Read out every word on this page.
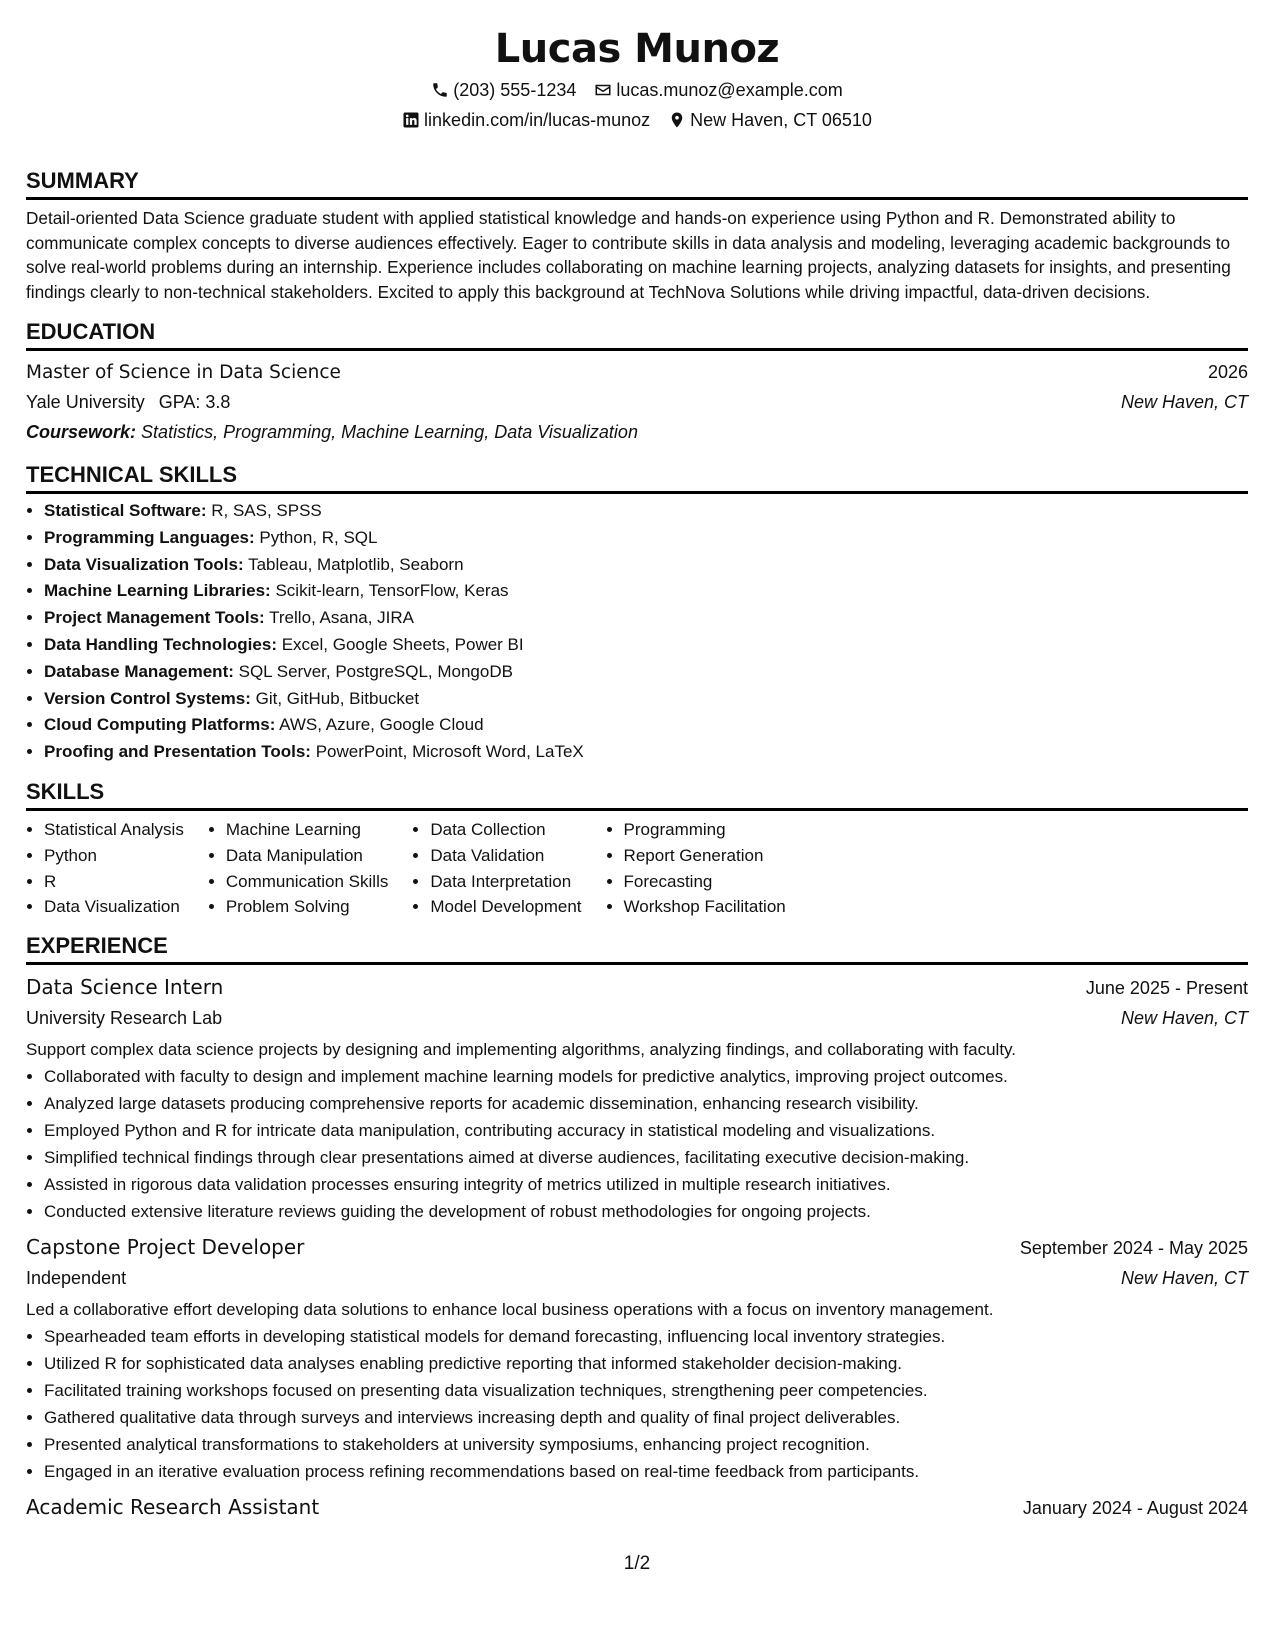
Lucas Munoz
(203) 555-1234 lucas.munoz@example.com
linkedin.com/in/lucas-munoz New Haven, CT 06510
SUMMARY

Detail-oriented Data Science graduate student with applied statistical knowledge and hands-on experience using Python and R. Demonstrated ability to communicate complex concepts to diverse audiences effectively. Eager to contribute skills in data analysis and modeling, leveraging academic backgrounds to solve real-world problems during an internship. Experience includes collaborating on machine learning projects, analyzing datasets for insights, and presenting findings clearly to non-technical stakeholders. Excited to apply this background at TechNova Solutions while driving impactful, data-driven decisions.

EDUCATION
Master of Science in Data Science	2026
Yale University GPA: 3.8	New Haven, CT
Coursework: Statistics, Programming, Machine Learning, Data Visualization
TECHNICAL SKILLS
• Statistical Software: R, SAS, SPSS
• Programming Languages: Python, R, SQL
• Data Visualization Tools: Tableau, Matplotlib, Seaborn
• Machine Learning Libraries: Scikit-learn, TensorFlow, Keras
• Project Management Tools: Trello, Asana, JIRA
• Data Handling Technologies: Excel, Google Sheets, Power BI
• Database Management: SQL Server, PostgreSQL, MongoDB
• Version Control Systems: Git, GitHub, Bitbucket
• Cloud Computing Platforms: AWS, Azure, Google Cloud
• Proofing and Presentation Tools: PowerPoint, Microsoft Word, LaTeX
SKILLS
• Statistical Analysis
• Python
• R
• Data Visualization
• Machine Learning
• Data Manipulation
• Communication Skills
• Problem Solving
• Data Collection
• Data Validation
• Data Interpretation
• Model Development
• Programming
• Report Generation
• Forecasting
• Workshop Facilitation
EXPERIENCE
Data Science Intern	June 2025 - Present
University Research Lab	New Haven, CT
Support complex data science projects by designing and implementing algorithms, analyzing findings, and collaborating with faculty.
• Collaborated with faculty to design and implement machine learning models for predictive analytics, improving project outcomes.
• Analyzed large datasets producing comprehensive reports for academic dissemination, enhancing research visibility.
• Employed Python and R for intricate data manipulation, contributing accuracy in statistical modeling and visualizations.
• Simplified technical findings through clear presentations aimed at diverse audiences, facilitating executive decision-making.
• Assisted in rigorous data validation processes ensuring integrity of metrics utilized in multiple research initiatives.
• Conducted extensive literature reviews guiding the development of robust methodologies for ongoing projects.
Capstone Project Developer	September 2024 - May 2025
Independent	New Haven, CT
Led a collaborative effort developing data solutions to enhance local business operations with a focus on inventory management.
• Spearheaded team efforts in developing statistical models for demand forecasting, influencing local inventory strategies.
• Utilized R for sophisticated data analyses enabling predictive reporting that informed stakeholder decision-making.
• Facilitated training workshops focused on presenting data visualization techniques, strengthening peer competencies.
• Gathered qualitative data through surveys and interviews increasing depth and quality of final project deliverables.
• Presented analytical transformations to stakeholders at university symposiums, enhancing project recognition.
• Engaged in an iterative evaluation process refining recommendations based on real-time feedback from participants.
Academic Research Assistant	January 2024 - August 2024
1/2
